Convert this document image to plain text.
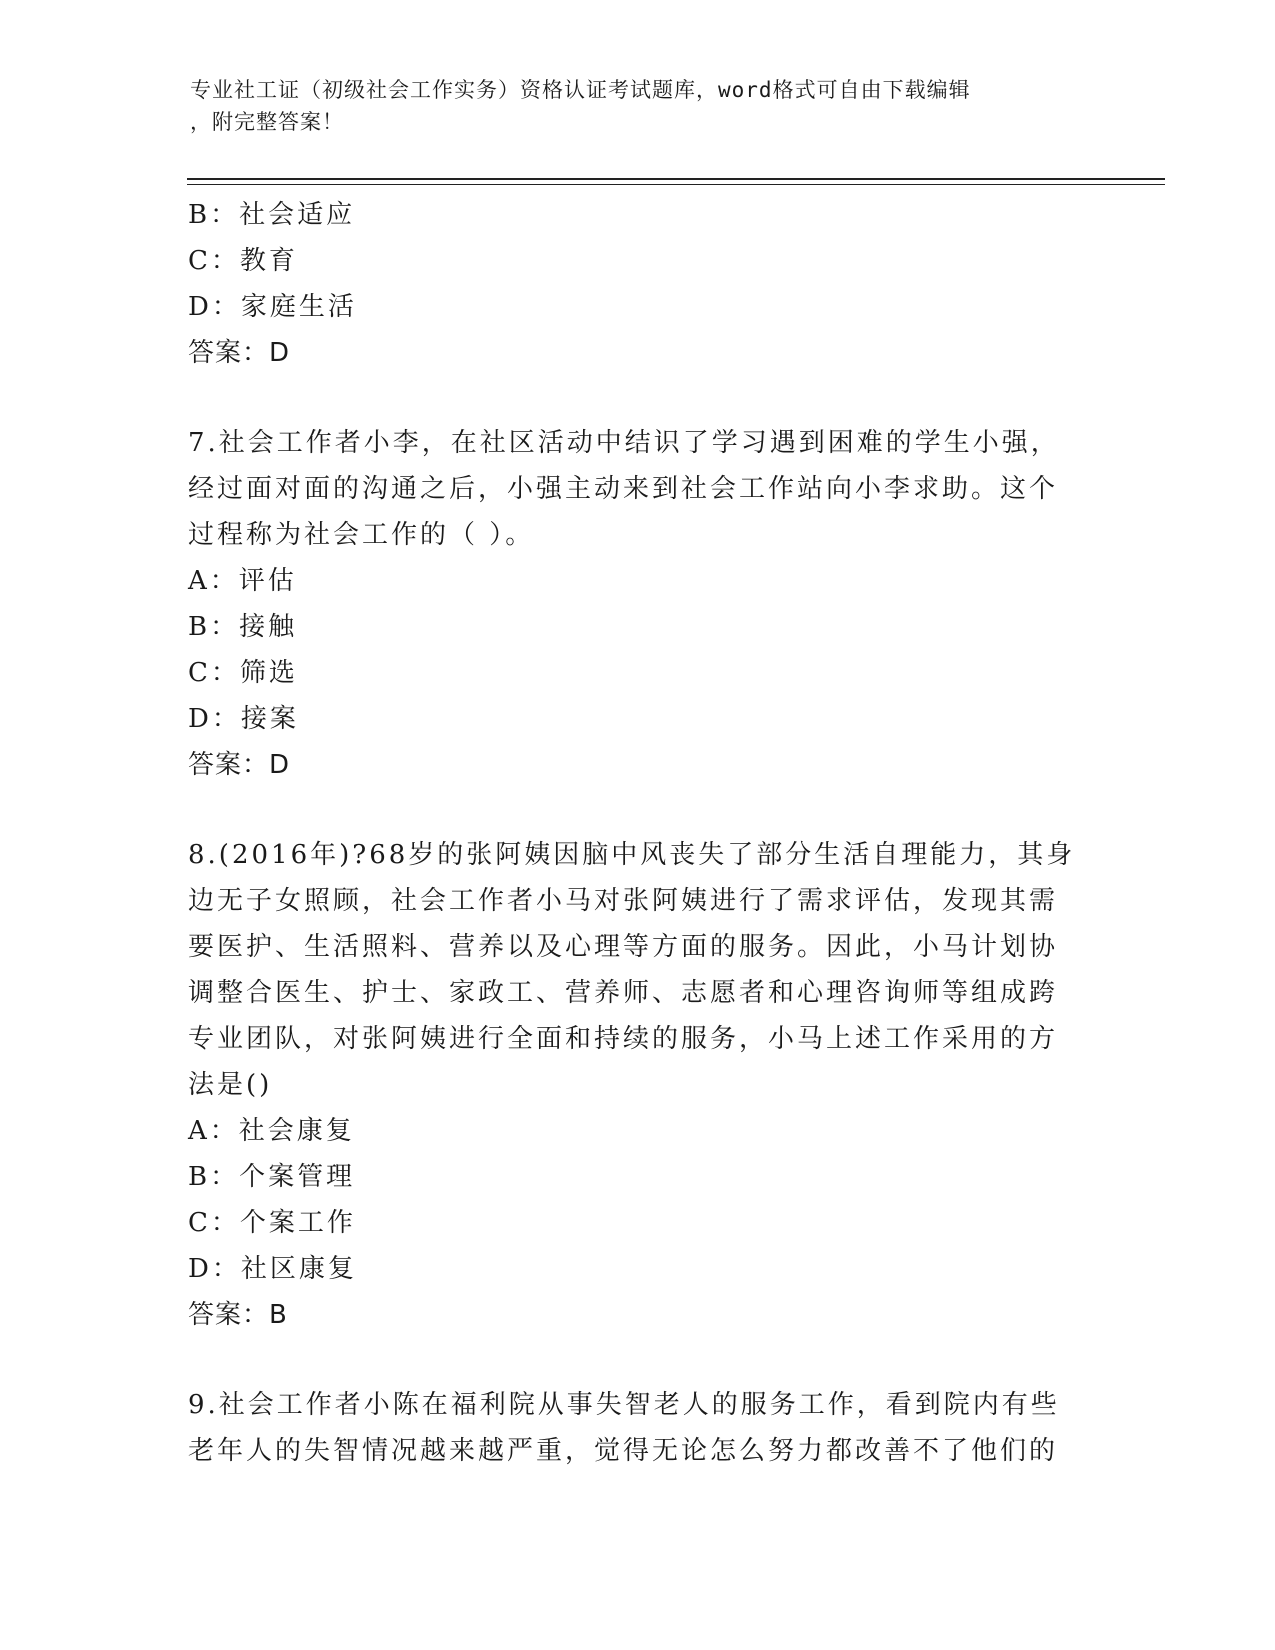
专业社工证（初级社会工作实务）资格认证考试题库，word格式可自由下载编辑
，附完整答案！
B：社会适应
C：教育
D：家庭生活
答案：D
7.社会工作者小李，在社区活动中结识了学习遇到困难的学生小强，
经过面对面的沟通之后，小强主动来到社会工作站向小李求助。这个
过程称为社会工作的（ ）。
A：评估
B：接触
C：筛选
D：接案
答案：D
8.(2016年)?68岁的张阿姨因脑中风丧失了部分生活自理能力，其身
边无子女照顾，社会工作者小马对张阿姨进行了需求评估，发现其需
要医护、生活照料、营养以及心理等方面的服务。因此，小马计划协
调整合医生、护士、家政工、营养师、志愿者和心理咨询师等组成跨
专业团队，对张阿姨进行全面和持续的服务，小马上述工作采用的方
法是()
A：社会康复
B：个案管理
C：个案工作
D：社区康复
答案：B
9.社会工作者小陈在福利院从事失智老人的服务工作，看到院内有些
老年人的失智情况越来越严重，觉得无论怎么努力都改善不了他们的
